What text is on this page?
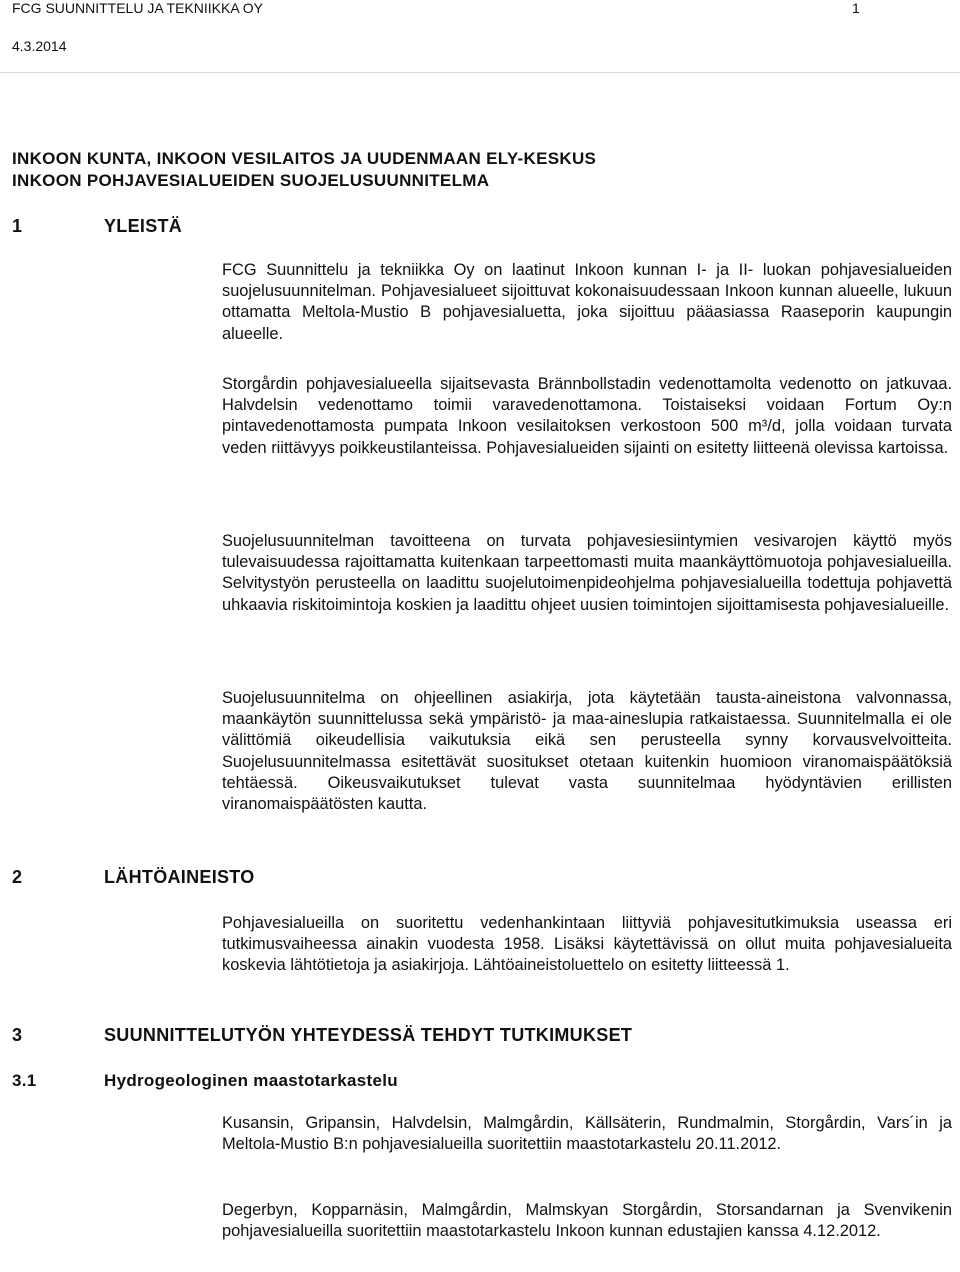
FCG SUUNNITTELU JA TEKNIIKKA OY	1
4.3.2014
INKOON KUNTA, INKOON VESILAITOS JA UUDENMAAN ELY-KESKUS
INKOON POHJAVESIALUEIDEN SUOJELUSUUNNITELMA
1	YLEISTÄ
FCG Suunnittelu ja tekniikka Oy on laatinut Inkoon kunnan I- ja II- luokan pohjavesialueiden suojelusuunnitelman. Pohjavesialueet sijoittuvat kokonaisuudessaan Inkoon kunnan alueelle, lukuun ottamatta Meltola-Mustio B pohjavesialuetta, joka sijoittuu pääasiassa Raaseporin kaupungin alueelle.
Storgårdin pohjavesialueella sijaitsevasta Brännbollstadin vedenottamolta vedenotto on jatkuvaa. Halvdelsin vedenottamo toimii varavedenottamona. Toistaiseksi voidaan Fortum Oy:n pintavedenottamosta pumpata Inkoon vesilaitoksen verkostoon 500 m³/d, jolla voidaan turvata veden riittävyys poikkeustilanteissa. Pohjavesialueiden sijainti on esitetty liitteenä olevissa kartoissa.
Suojelusuunnitelman tavoitteena on turvata pohjavesiesiintymien vesivarojen käyttö myös tulevaisuudessa rajoittamatta kuitenkaan tarpeettomasti muita maankäyttömuotoja pohjavesialueilla. Selvitystyön perusteella on laadittu suojelutoimenpideohjelma pohjavesialueilla todettuja pohjavettä uhkaavia riskitoimintoja koskien ja laadittu ohjeet uusien toimintojen sijoittamisesta pohjavesialueille.
Suojelusuunnitelma on ohjeellinen asiakirja, jota käytetään tausta-aineistona valvonnassa, maankäytön suunnittelussa sekä ympäristö- ja maa-aineslupia ratkaistaessa. Suunnitelmalla ei ole välittömiä oikeudellisia vaikutuksia eikä sen perusteella synny korvausvelvoitteita. Suojelusuunnitelmassa esitettävät suositukset otetaan kuitenkin huomioon viranomaispäätöksiä tehtäessä. Oikeusvaikutukset tulevat vasta suunnitelmaa hyödyntävien erillisten viranomaispäätösten kautta.
2	LÄHTÖAINEISTO
Pohjavesialueilla on suoritettu vedenhankintaan liittyviä pohjavesitutkimuksia useassa eri tutkimusvaiheessa ainakin vuodesta 1958. Lisäksi käytettävissä on ollut muita pohjavesialueita koskevia lähtötietoja ja asiakirjoja. Lähtöaineistoluettelo on esitetty liitteessä 1.
3	SUUNNITTELUTYÖN YHTEYDESSÄ TEHDYT TUTKIMUKSET
3.1	Hydrogeologinen maastotarkastelu
Kusansin, Gripansin, Halvdelsin, Malmgårdin, Källsäterin, Rundmalmin, Storgårdin, Vars´in ja Meltola-Mustio B:n pohjavesialueilla suoritettiin maastotarkastelu 20.11.2012.
Degerbyn, Kopparnäsin, Malmgårdin, Malmskyan Storgårdin, Storsandarnan ja Svenvikenin pohjavesialueilla suoritettiin maastotarkastelu Inkoon kunnan edustajien kanssa 4.12.2012.
